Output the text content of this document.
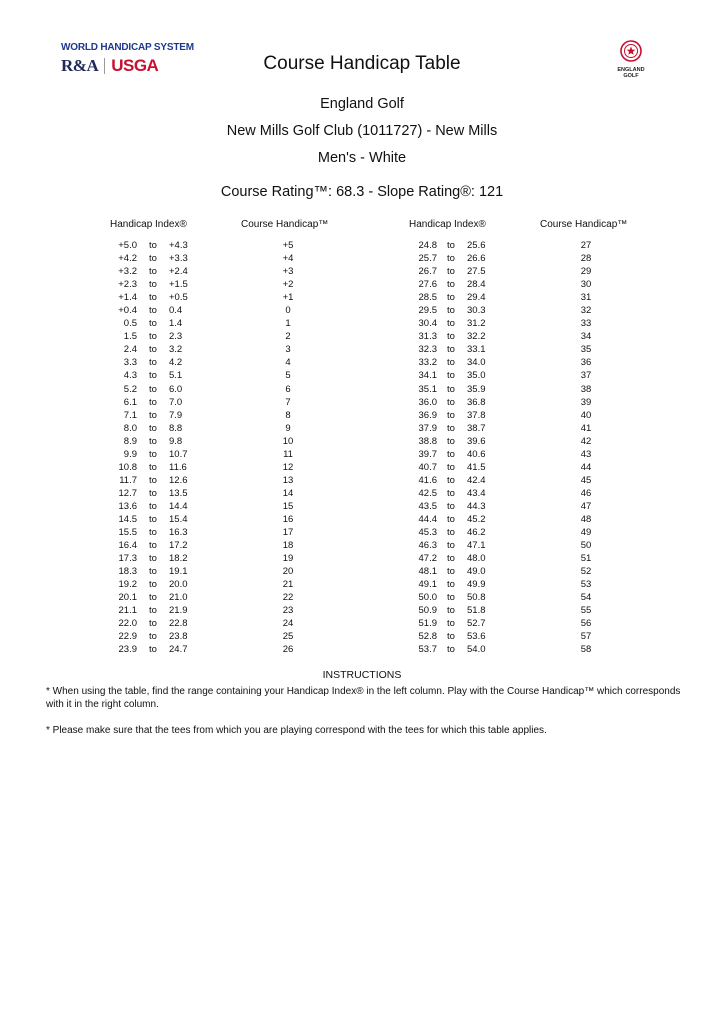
WORLD HANDICAP SYSTEM
R&A USGA	ENGLAND
GOLF
Course Handicap Table
England Golf
New Mills Golf Club (1011727) - New Mills
Men's - White
Course Rating™: 68.3 - Slope Rating®: 121
Handicap Index®	Course Handicap™	Handicap Index®	Course Handicap™
+5.0	to	+4.3	+5
+4.2	to	+3.3	+4
+3.2	to	+2.4	+3
+2.3	to	+1.5	+2
+1.4	to	+0.5	+1
+0.4	to	0.4	0
0.5	to	1.4	1
1.5	to	2.3	2
2.4	to	3.2	3
3.3	to	4.2	4
4.3	to	5.1	5
5.2	to	6.0	6
6.1	to	7.0	7
7.1	to	7.9	8
8.0	to	8.8	9
8.9	to	9.8	10
9.9	to	10.7	11
10.8	to	11.6	12
11.7	to	12.6	13
12.7	to	13.5	14
13.6	to	14.4	15
14.5	to	15.4	16
15.5	to	16.3	17
16.4	to	17.2	18
17.3	to	18.2	19
18.3	to	19.1	20
19.2	to	20.0	21
20.1	to	21.0	22
21.1	to	21.9	23
22.0	to	22.8	24
22.9	to	23.8	25
23.9	to	24.7	26
24.8	to	25.6	27
25.7	to	26.6	28
26.7	to	27.5	29
27.6	to	28.4	30
28.5	to	29.4	31
29.5	to	30.3	32
30.4	to	31.2	33
31.3	to	32.2	34
32.3	to	33.1	35
33.2	to	34.0	36
34.1	to	35.0	37
35.1	to	35.9	38
36.0	to	36.8	39
36.9	to	37.8	40
37.9	to	38.7	41
38.8	to	39.6	42
39.7	to	40.6	43
40.7	to	41.5	44
41.6	to	42.4	45
42.5	to	43.4	46
43.5	to	44.3	47
44.4	to	45.2	48
45.3	to	46.2	49
46.3	to	47.1	50
47.2	to	48.0	51
48.1	to	49.0	52
49.1	to	49.9	53
50.0	to	50.8	54
50.9	to	51.8	55
51.9	to	52.7	56
52.8	to	53.6	57
53.7	to	54.0	58
INSTRUCTIONS
* When using the table, find the range containing your Handicap Index® in the left column. Play with the Course Handicap™ which corresponds with it in the right column.
* Please make sure that the tees from which you are playing correspond with the tees for which this table applies.
